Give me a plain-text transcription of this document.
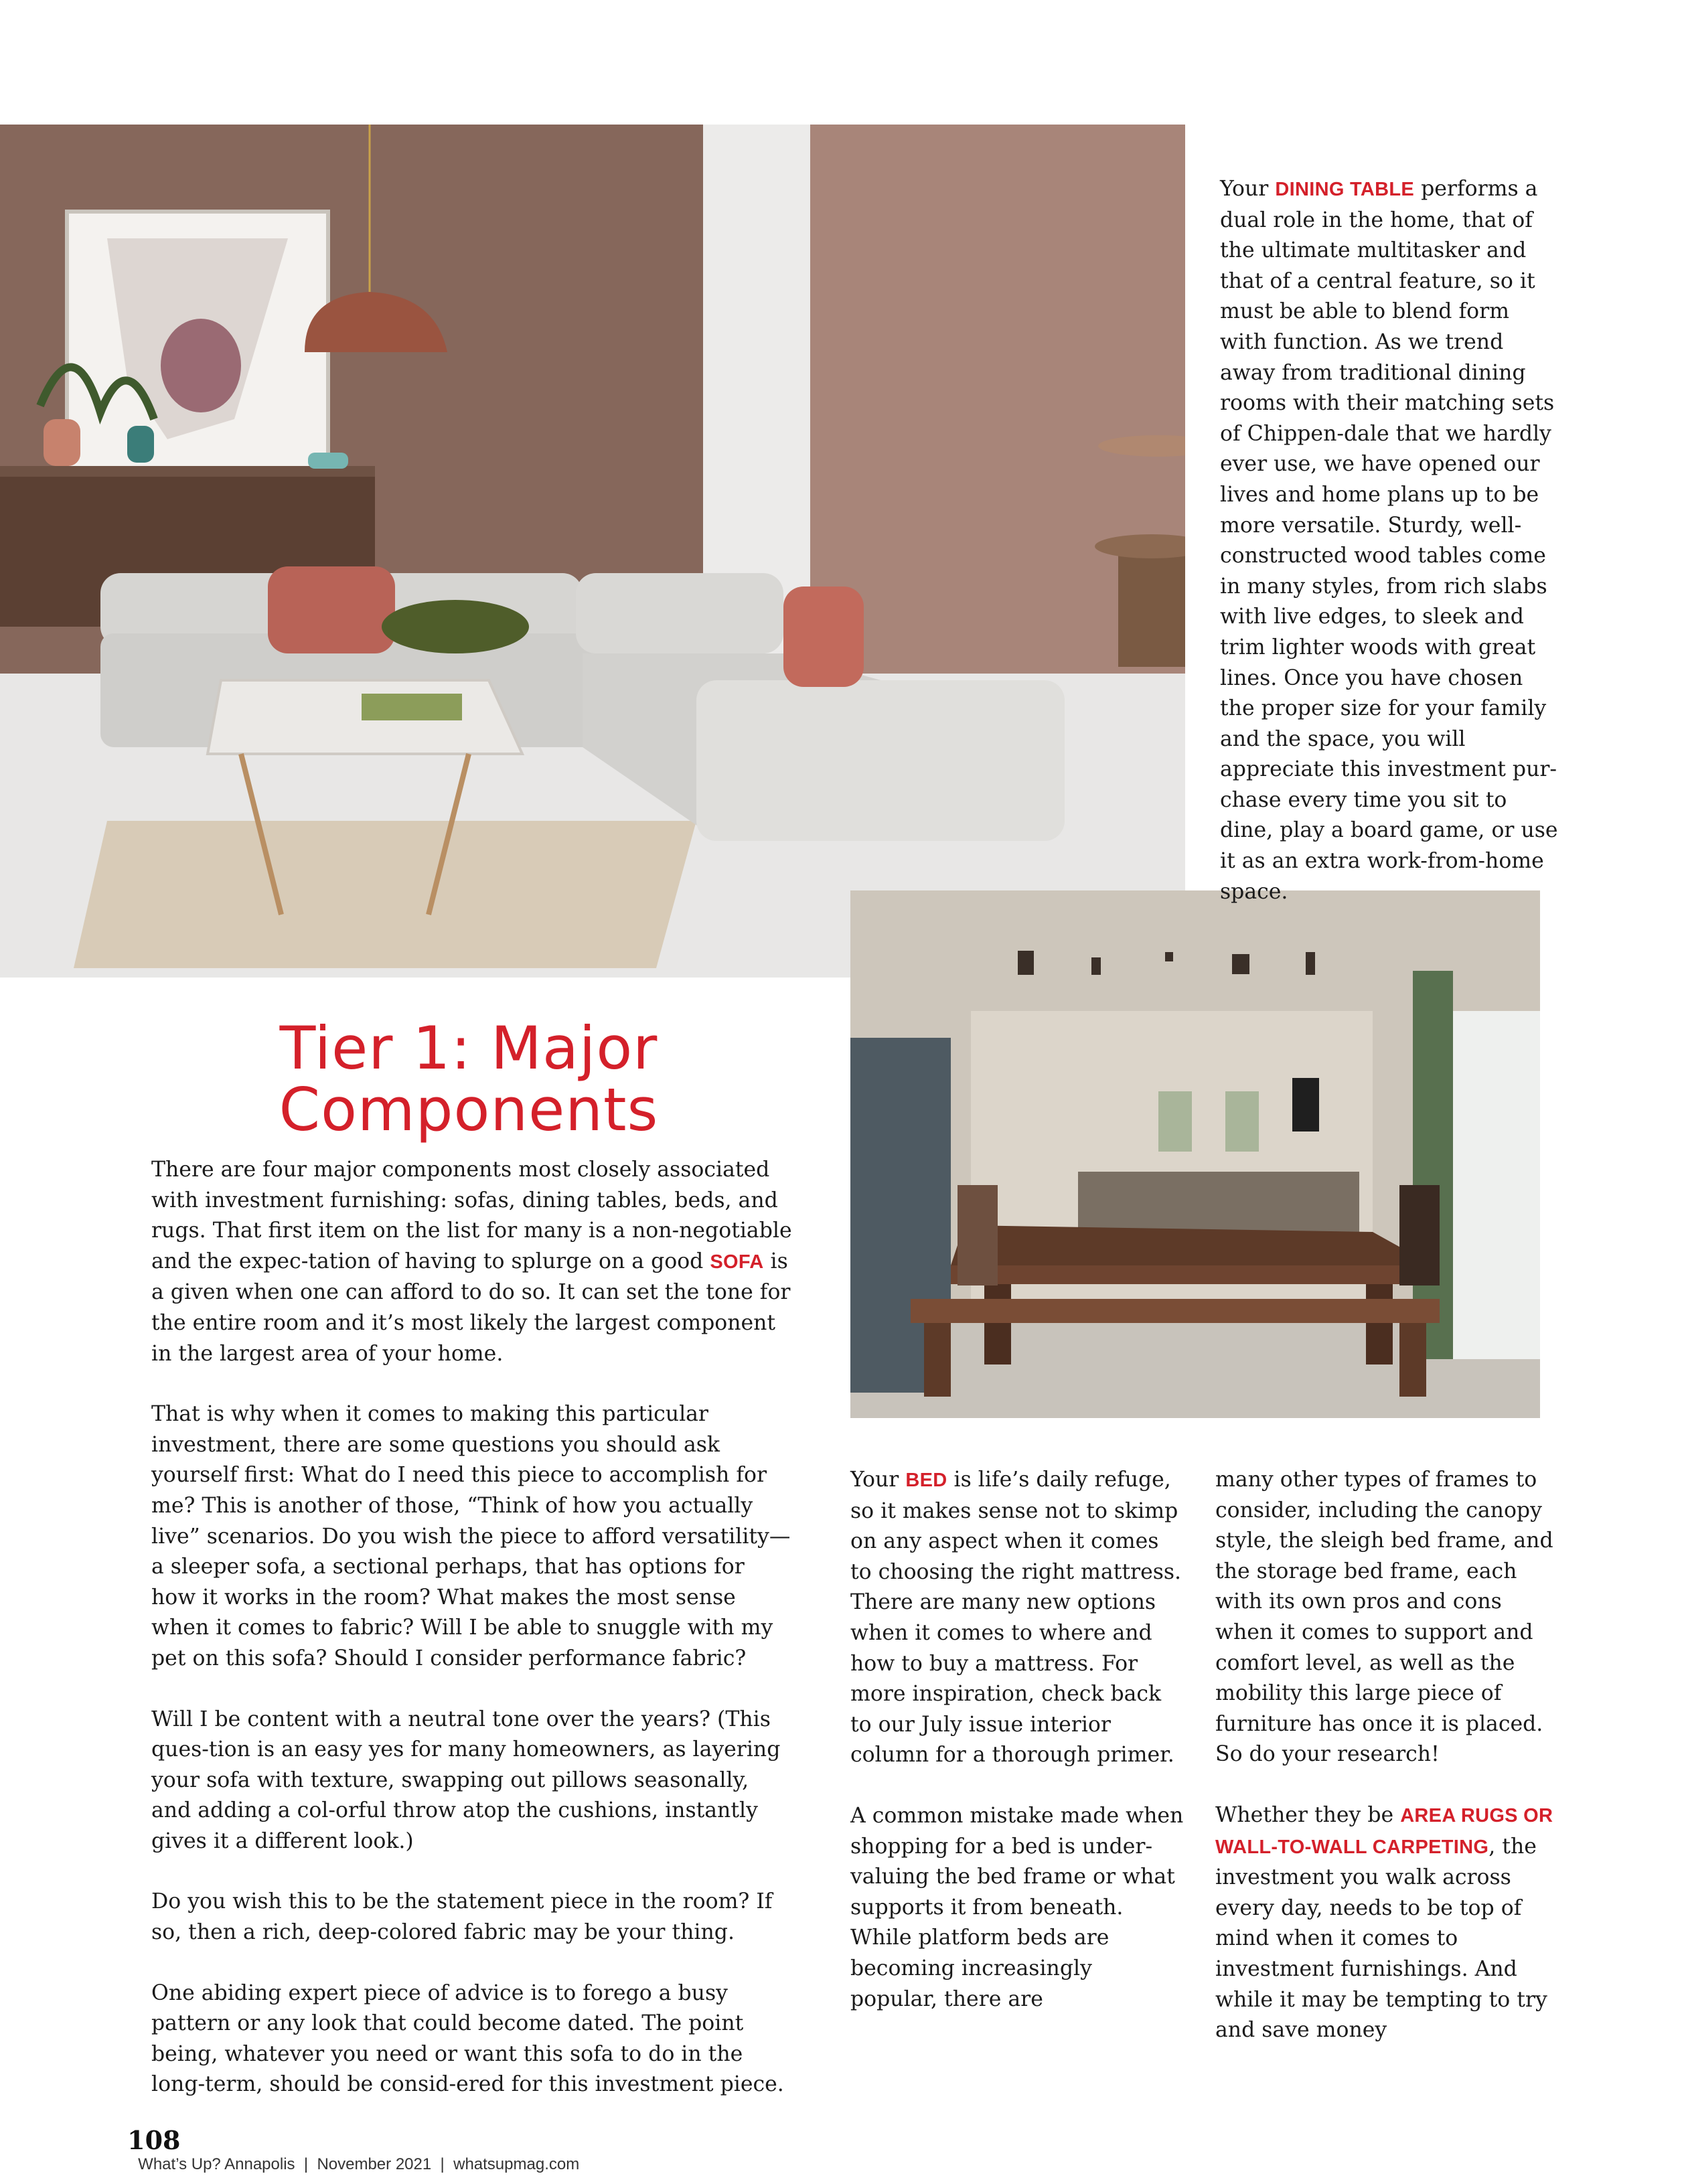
Your DINING TABLE performs a dual role in the home, that of the ultimate multitasker and that of a central feature, so it must be able to blend form with function. As we trend away from traditional dining rooms with their matching sets of Chippen-dale that we hardly ever use, we have opened our lives and home plans up to be more versatile. Sturdy, well-constructed wood tables come in many styles, from rich slabs with live edges, to sleek and trim lighter woods with great lines. Once you have chosen the proper size for your family and the space, you will appreciate this investment pur-chase every time you sit to dine, play a board game, or use it as an extra work-from-home space.

Tier 1: Major
Components

There are four major components most closely associated with investment furnishing: sofas, dining tables, beds, and rugs. That first item on the list for many is a non-negotiable and the expec-tation of having to splurge on a good SOFA is a given when one can afford to do so. It can set the tone for the entire room and it’s most likely the largest component in the largest area of your home.

That is why when it comes to making this particular investment, there are some questions you should ask yourself first: What do I need this piece to accomplish for me? This is another of those, “Think of how you actually live” scenarios. Do you wish the piece to afford versatility—a sleeper sofa, a sectional perhaps, that has options for how it works in the room? What makes the most sense when it comes to fabric? Will I be able to snuggle with my pet on this sofa? Should I consider performance fabric?

Will I be content with a neutral tone over the years? (This ques-tion is an easy yes for many homeowners, as layering your sofa with texture, swapping out pillows seasonally, and adding a col-orful throw atop the cushions, instantly gives it a different look.)

Do you wish this to be the statement piece in the room? If so, then a rich, deep-colored fabric may be your thing.

One abiding expert piece of advice is to forego a busy pattern or any look that could become dated. The point being, whatever you need or want this sofa to do in the long-term, should be consid-ered for this investment piece.

Your BED is life’s daily refuge, so it makes sense not to skimp on any aspect when it comes to choosing the right mattress. There are many new options when it comes to where and how to buy a mattress. For more inspiration, check back to our July issue interior column for a thorough primer.

A common mistake made when shopping for a bed is under-valuing the bed frame or what supports it from beneath. While platform beds are becoming increasingly popular, there are

many other types of frames to consider, including the canopy style, the sleigh bed frame, and the storage bed frame, each with its own pros and cons when it comes to support and comfort level, as well as the mobility this large piece of furniture has once it is placed. So do your research!

Whether they be AREA RUGS OR WALL-TO-WALL CARPETING, the investment you walk across every day, needs to be top of mind when it comes to investment furnishings. And while it may be tempting to try and save money

108
What’s Up? Annapolis  |  November 2021  |  whatsupmag.com
